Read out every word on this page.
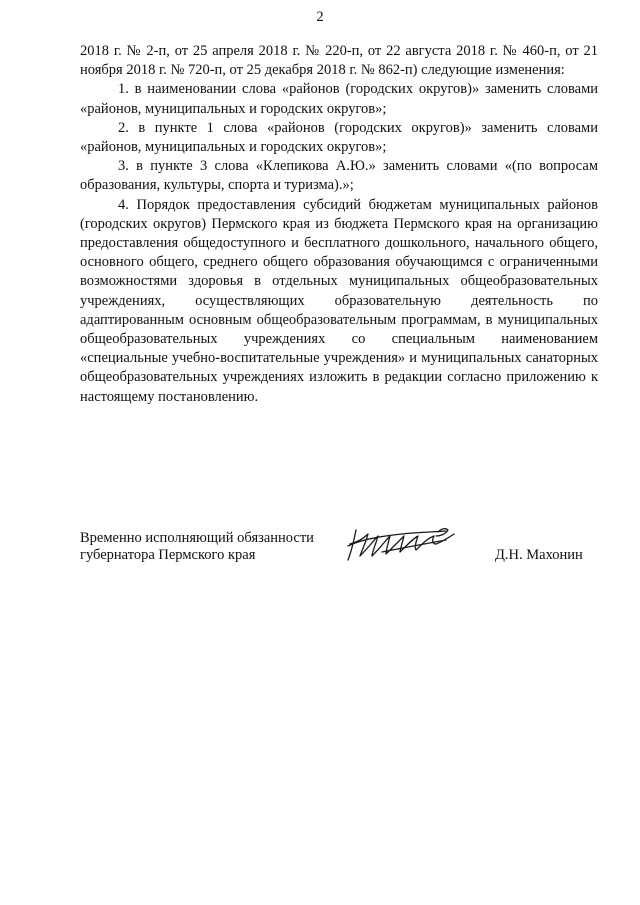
2

2018 г. № 2-п, от 25 апреля 2018 г. № 220-п, от 22 августа 2018 г. № 460-п, от 21 ноября 2018 г. № 720-п, от 25 декабря 2018 г. № 862-п) следующие изменения:

1. в наименовании слова «районов (городских округов)» заменить словами «районов, муниципальных и городских округов»;

2. в пункте 1 слова «районов (городских округов)» заменить словами «районов, муниципальных и городских округов»;

3. в пункте 3 слова «Клепикова А.Ю.» заменить словами «(по вопросам образования, культуры, спорта и туризма).»;

4. Порядок предоставления субсидий бюджетам муниципальных районов (городских округов) Пермского края из бюджета Пермского края на организацию предоставления общедоступного и бесплатного дошкольного, начального общего, основного общего, среднего общего образования обучающимся с ограниченными возможностями здоровья в отдельных муниципальных общеобразовательных учреждениях, осуществляющих образовательную деятельность по адаптированным основным общеобразовательным программам, в муниципальных общеобразовательных учреждениях со специальным наименованием «специальные учебно-воспитательные учреждения» и муниципальных санаторных общеобразовательных учреждениях изложить в редакции согласно приложению к настоящему постановлению.

Временно исполняющий обязанности
губернатора Пермского края	Д.Н. Махонин
